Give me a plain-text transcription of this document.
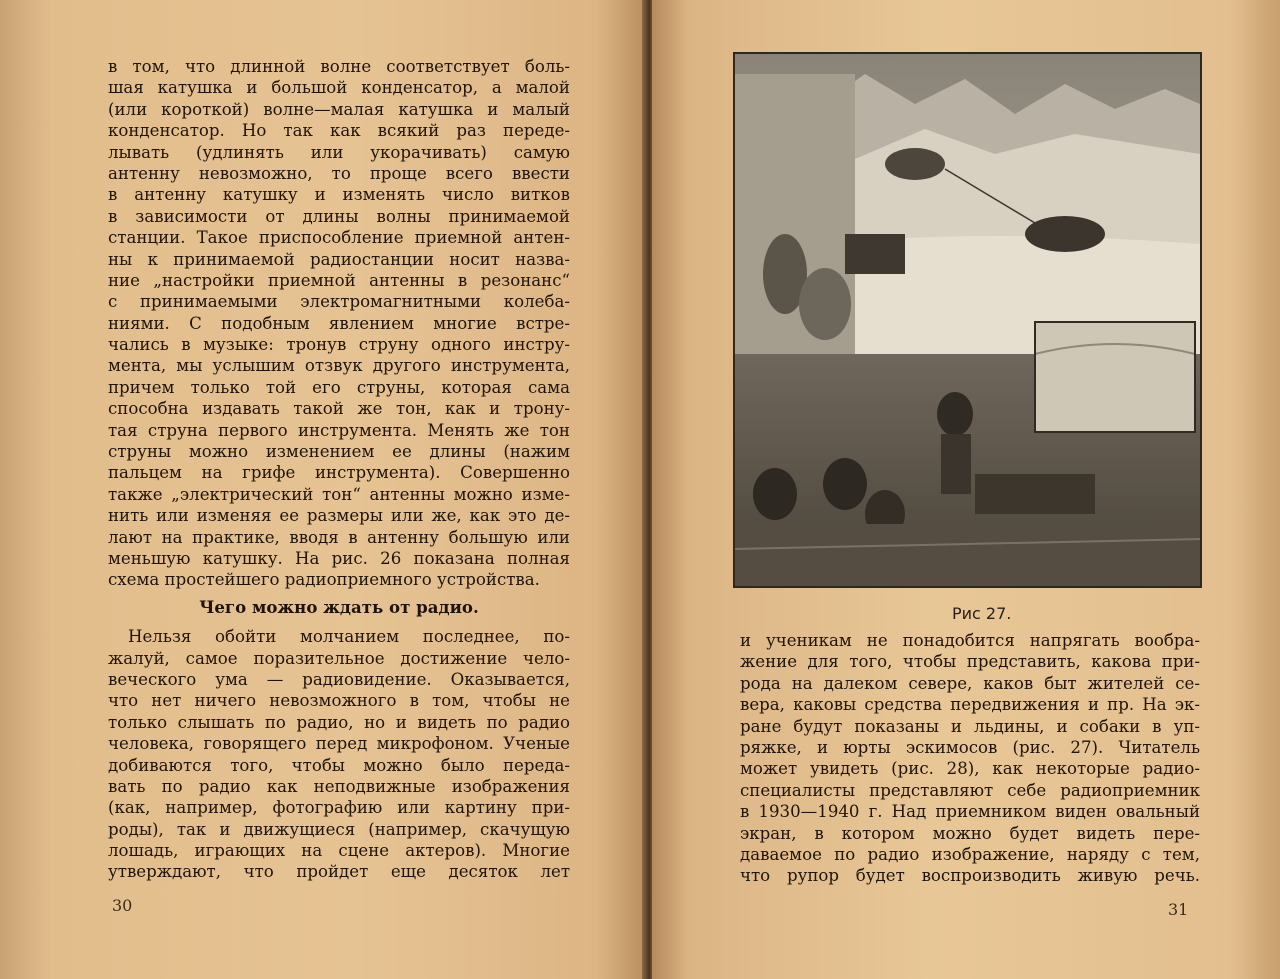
в том, что длинной волне соответствует боль-
шая катушка и большой конденсатор, а малой
(или короткой) волне—малая катушка и малый
конденсатор. Но так как всякий раз переде-
лывать (удлинять или укорачивать) самую
антенну невозможно, то проще всего ввести
в антенну катушку и изменять число витков
в зависимости от длины волны принимаемой
станции. Такое приспособление приемной антен-
ны к принимаемой радиостанции носит назва-
ние „настройки приемной антенны в резонанс“
с принимаемыми электромагнитными колеба-
ниями. С подобным явлением многие встре-
чались в музыке: тронув струну одного инстру-
мента, мы услышим отзвук другого инструмента,
причем только той его струны, которая сама
способна издавать такой же тон, как и трону-
тая струна первого инструмента. Менять же тон
струны можно изменением ее длины (нажим
пальцем на грифе инструмента). Совершенно
также „электрический тон“ антенны можно изме-
нить или изменяя ее размеры или же, как это де-
лают на практике, вводя в антенну большую или
меньшую катушку. На рис. 26 показана полная
схема простейшего радиоприемного устройства.
Чего можно ждать от радио.
Нельзя обойти молчанием последнее, по-
жалуй, самое поразительное достижение чело-
веческого ума — радиовидение. Оказывается,
что нет ничего невозможного в том, чтобы не
только слышать по радио, но и видеть по радио
человека, говорящего перед микрофоном. Ученые
добиваются того, чтобы можно было переда-
вать по радио как неподвижные изображения
(как, например, фотографию или картину при-
роды), так и движущиеся (например, скачущую
лошадь, играющих на сцене актеров). Многие
утверждают, что пройдет еще десяток лет
30
Рис 27.
и ученикам не понадобится напрягать вообра-
жение для того, чтобы представить, какова при-
рода на далеком севере, каков быт жителей се-
вера, каковы средства передвижения и пр. На эк-
ране будут показаны и льдины, и собаки в уп-
ряжке, и юрты эскимосов (рис. 27). Читатель
может увидеть (рис. 28), как некоторые радио-
специалисты представляют себе радиоприемник
в 1930—1940 г. Над приемником виден овальный
экран, в котором можно будет видеть пере-
даваемое по радио изображение, наряду с тем,
что рупор будет воспроизводить живую речь.
31
